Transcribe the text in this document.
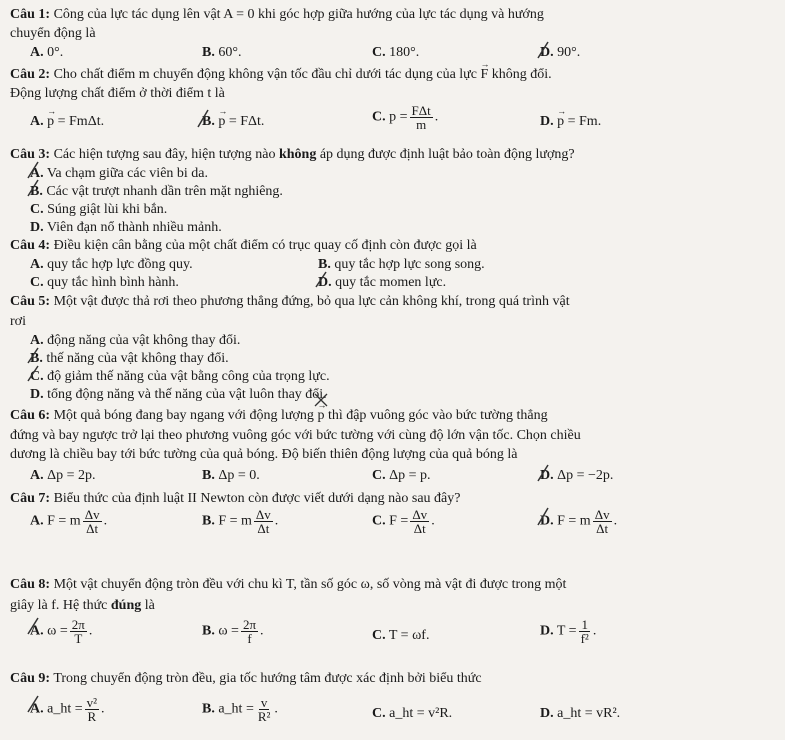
Câu 1: Công của lực tác dụng lên vật A = 0 khi góc hợp giữa hướng của lực tác dụng và hướng
chuyển động là
A. 0°.	B. 60°.	C. 180°.	D. 90°.
Câu 2: Cho chất điểm m chuyển động không vận tốc đầu chỉ dưới tác dụng của lực → F không đổi.
Động lượng chất điểm ở thời điểm t là
A. → p = FmΔt.	B. → p = FΔt.	C. $p = \frac{\text{FΔt}}{m}$ .	D. → p = Fm.
Câu 3: Các hiện tượng sau đây, hiện tượng nào không áp dụng được định luật bảo toàn động lượng?
A. Va chạm giữa các viên bi da.
B. Các vật trượt nhanh dần trên mặt nghiêng.
C. Súng giật lùi khi bắn.
D. Viên đạn nổ thành nhiều mảnh.
Câu 4: Điều kiện cân bằng của một chất điểm có trục quay cố định còn được gọi là
A. quy tắc hợp lực đồng quy.	B. quy tắc hợp lực song song.
C. quy tắc hình bình hành.	D. quy tắc momen lực.
Câu 5: Một vật được thả rơi theo phương thẳng đứng, bỏ qua lực cản không khí, trong quá trình vật
rơi
A. động năng của vật không thay đổi.
B. thế năng của vật không thay đổi.
C. độ giảm thế năng của vật bằng công của trọng lực.
D. tổng động năng và thế năng của vật luôn thay đổi.
Câu 6: Một quả bóng đang bay ngang với động lượng → p thì đập vuông góc vào bức tường thẳng
đứng và bay ngược trở lại theo phương vuông góc với bức tường với cùng độ lớn vận tốc. Chọn chiều
dương là chiều bay tới bức tường của quả bóng. Độ biến thiên động lượng của quả bóng là
A. Δp = 2p.	B. Δp = 0.	C. Δp = p.	D. Δp = −2p.
Câu 7: Biểu thức của định luật II Newton còn được viết dưới dạng nào sau đây?
A. F = m $\frac{\Delta v}{\Delta t}$ .	B. F = m $\frac{\Delta v}{\Delta t}$ .	C. $F = \frac{\Delta v}{\Delta t}$ .	D. F = m $\frac{\Delta v}{\Delta t}$ .
Câu 8: Một vật chuyển động tròn đều với chu kì T, tần số góc ω, số vòng mà vật đi được trong một
giây là f. Hệ thức đúng là
A. $\omega = \frac{2\pi}{T}$ .	B. $\omega = \frac{2\pi}{f}$ .	C. T = ωf.	D. $T = \frac{1}{\text{f²}}$ .
Câu 9: Trong chuyển động tròn đều, gia tốc hướng tâm được xác định bởi biểu thức
A. a_ht = $\frac{\text{v²}}{R}$ .	B. a_ht = $\frac{v}{\text{R²}}$ .	C. a_ht = v²R.	D. a_ht = vR².
